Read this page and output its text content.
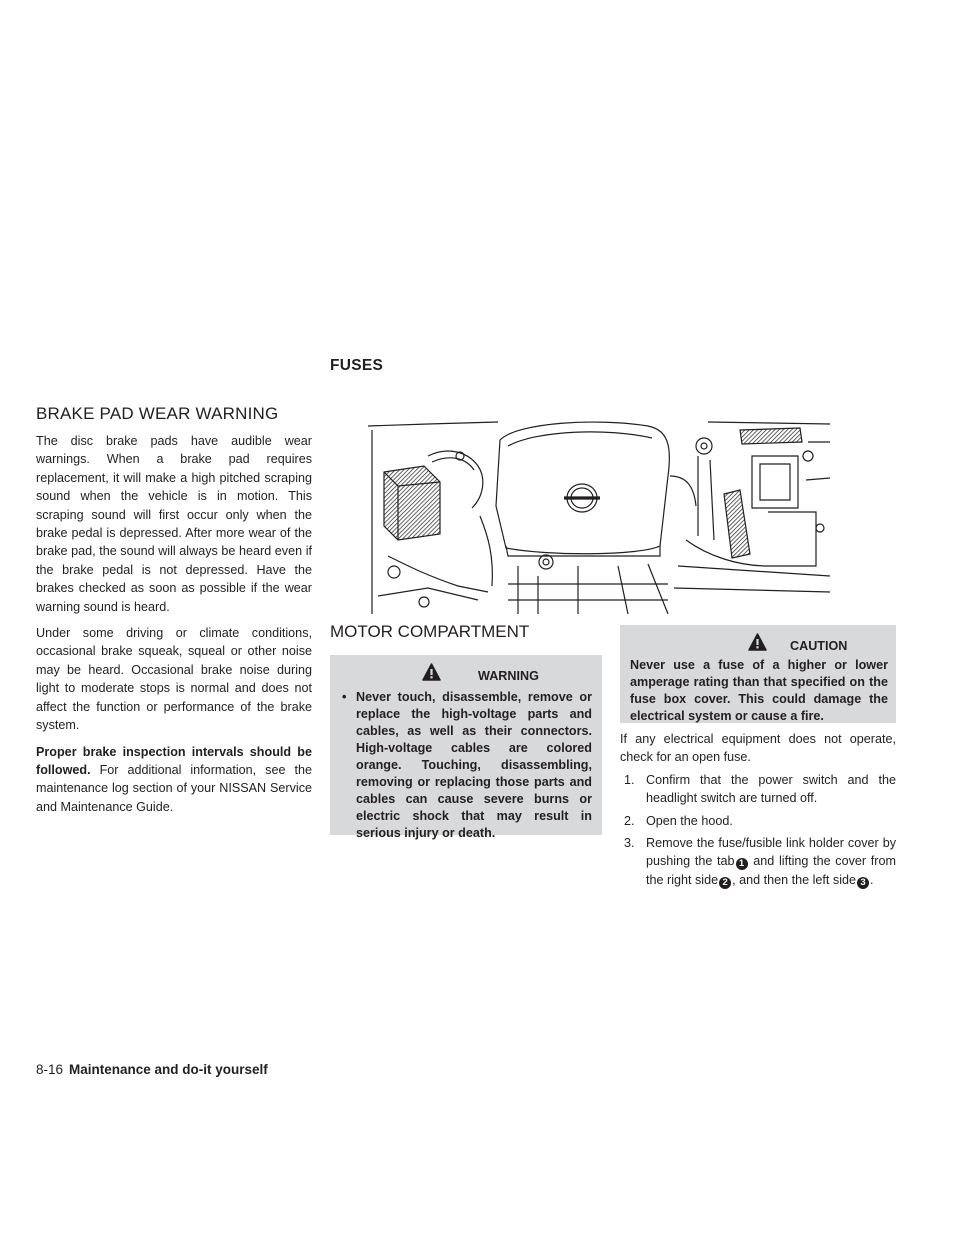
BRAKE PAD WEAR WARNING

The disc brake pads have audible wear warnings. When a brake pad requires replacement, it will make a high pitched scraping sound when the vehicle is in motion. This scraping sound will first occur only when the brake pedal is depressed. After more wear of the brake pad, the sound will always be heard even if the brake pedal is not depressed. Have the brakes checked as soon as possible if the wear warning sound is heard.

Under some driving or climate conditions, occasional brake squeak, squeal or other noise may be heard. Occasional brake noise during light to moderate stops is normal and does not affect the function or performance of the brake system.

Proper brake inspection intervals should be followed. For additional information, see the maintenance log section of your NISSAN Service and Maintenance Guide.

FUSES
MOTOR COMPARTMENT
WARNING

• Never touch, disassemble, remove or replace the high-voltage parts and cables, as well as their connectors. High-voltage cables are colored orange. Touching, disassembling, removing or replacing those parts and cables can cause severe burns or electric shock that may result in serious injury or death.

CAUTION

Never use a fuse of a higher or lower amperage rating than that specified on the fuse box cover. This could damage the electrical system or cause a fire.

If any electrical equipment does not operate, check for an open fuse.

1. Confirm that the power switch and the headlight switch are turned off.

2. Open the hood.

3. Remove the fuse/fusible link holder cover by pushing the tab 1 and lifting the cover from the right side 2 , and then the left side 3 .

8-16 Maintenance and do-it yourself
